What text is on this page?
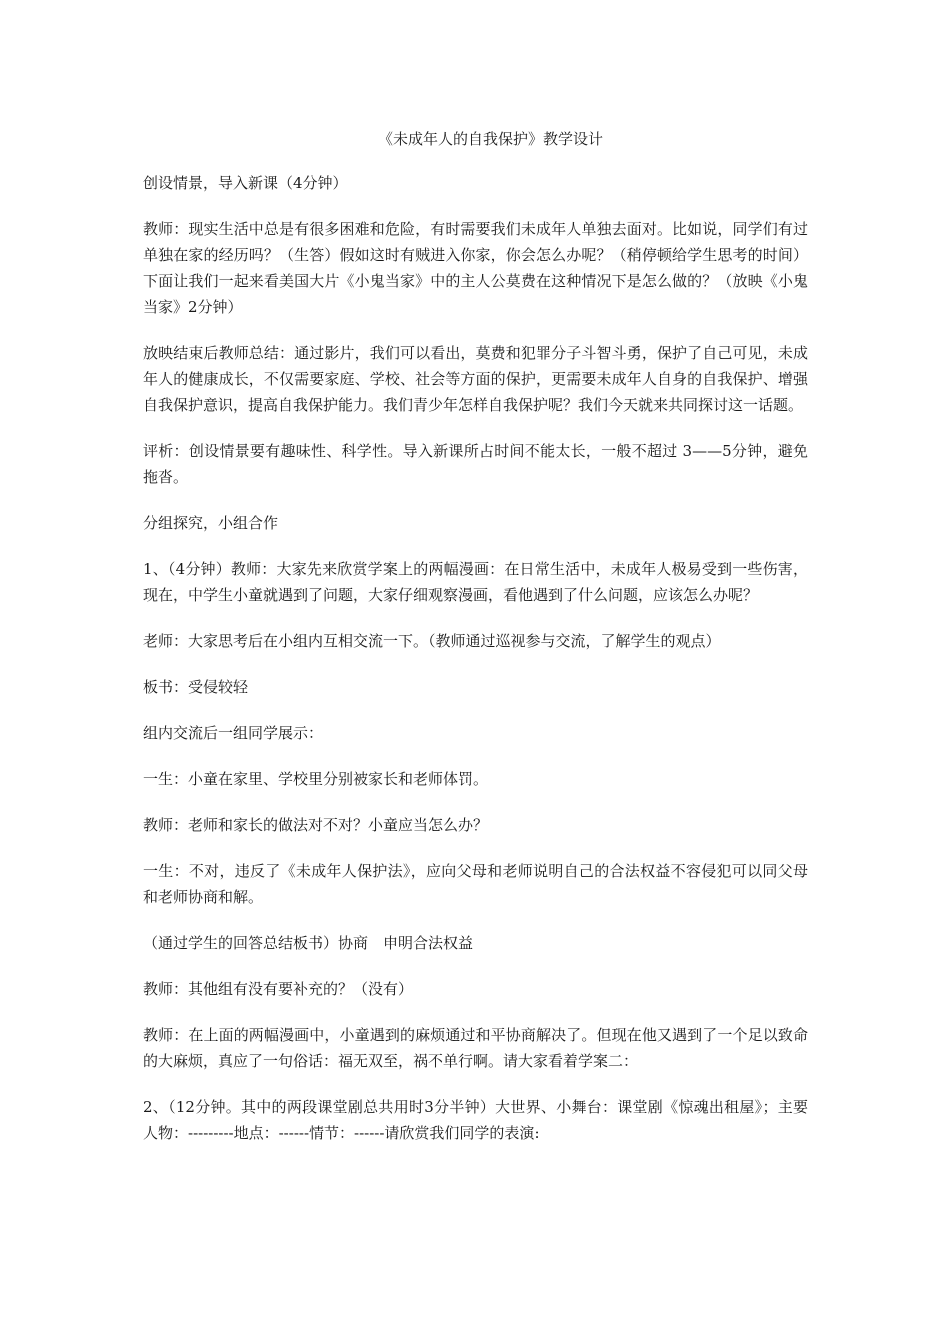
《未成年人的自我保护》教学设计

创设情景，导入新课（4分钟）

教师：现实生活中总是有很多困难和危险，有时需要我们未成年人单独去面对。比如说，同学们有过单独在家的经历吗？（生答）假如这时有贼进入你家，你会怎么办呢？（稍停顿给学生思考的时间）下面让我们一起来看美国大片《小鬼当家》中的主人公莫费在这种情况下是怎么做的？（放映《小鬼当家》2分钟）

放映结束后教师总结：通过影片，我们可以看出，莫费和犯罪分子斗智斗勇，保护了自己可见，未成年人的健康成长，不仅需要家庭、学校、社会等方面的保护，更需要未成年人自身的自我保护、增强自我保护意识，提高自我保护能力。我们青少年怎样自我保护呢？我们今天就来共同探讨这一话题。

评析：创设情景要有趣味性、科学性。导入新课所占时间不能太长，一般不超过 3——5分钟，避免拖沓。

分组探究，小组合作

1、（4分钟）教师：大家先来欣赏学案上的两幅漫画：在日常生活中，未成年人极易受到一些伤害，现在，中学生小童就遇到了问题，大家仔细观察漫画，看他遇到了什么问题，应该怎么办呢？

老师：大家思考后在小组内互相交流一下。（教师通过巡视参与交流，了解学生的观点）

板书：受侵较轻

组内交流后一组同学展示：

一生：小童在家里、学校里分别被家长和老师体罚。

教师：老师和家长的做法对不对？小童应当怎么办？

一生：不对，违反了《未成年人保护法》，应向父母和老师说明自己的合法权益不容侵犯可以同父母和老师协商和解。

（通过学生的回答总结板书）协商　申明合法权益

教师：其他组有没有要补充的？（没有）

教师：在上面的两幅漫画中，小童遇到的麻烦通过和平协商解决了。但现在他又遇到了一个足以致命的大麻烦，真应了一句俗话：福无双至，祸不单行啊。请大家看着学案二：

2、（12分钟。其中的两段课堂剧总共用时3分半钟）大世界、小舞台：课堂剧《惊魂出租屋》；主要人物：---------地点：------情节：------请欣赏我们同学的表演:
